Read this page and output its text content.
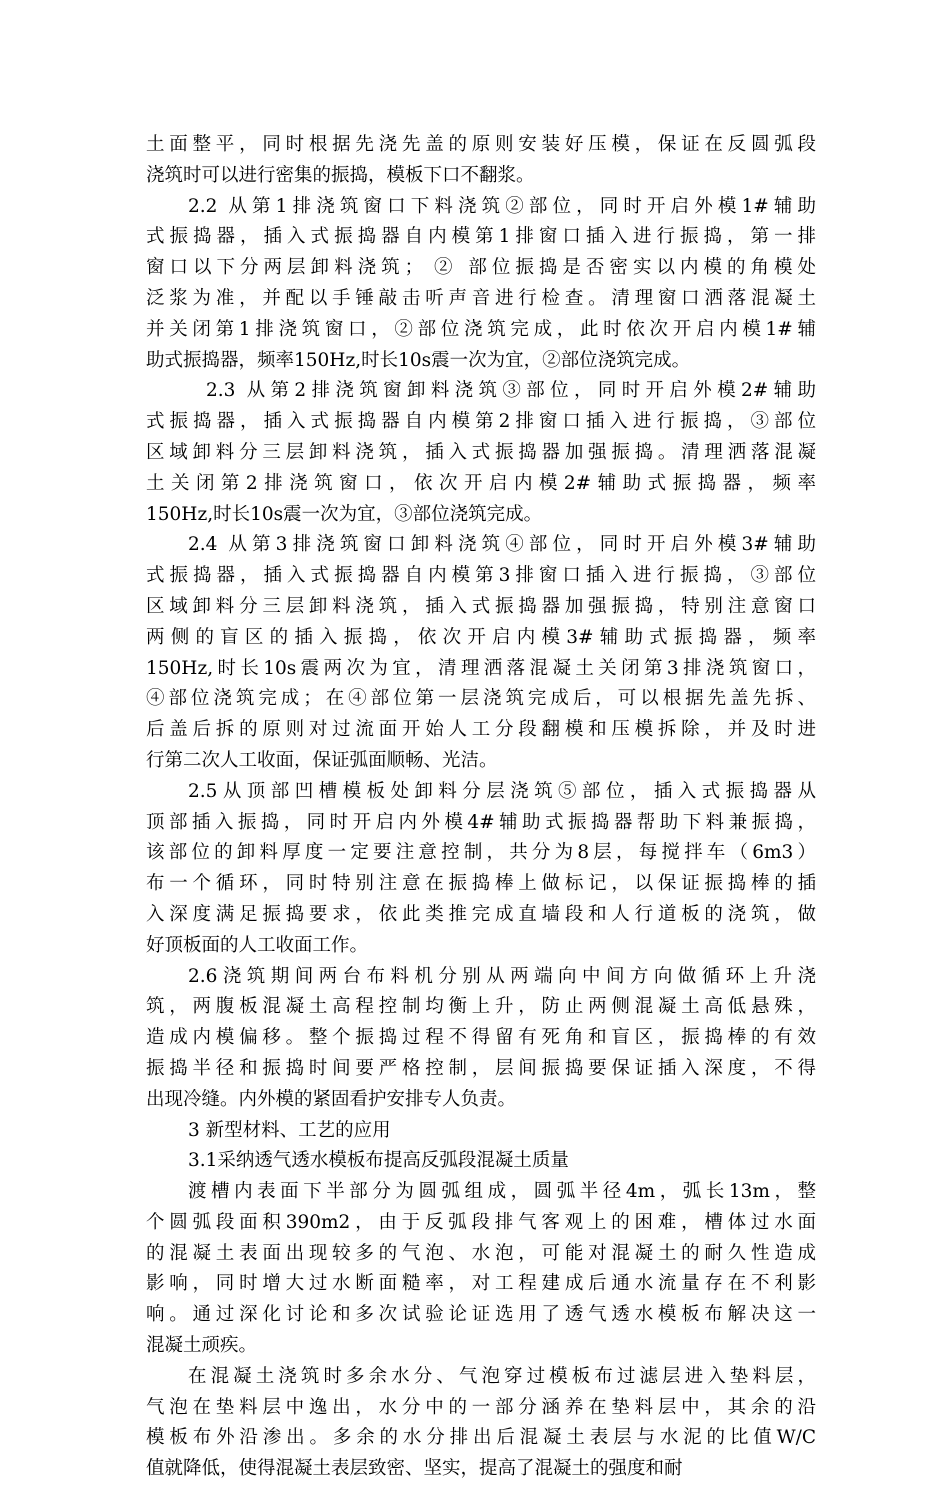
土面整平，同时根据先浇先盖的原则安装好压模，保证在反圆弧段
浇筑时可以进行密集的振捣，模板下口不翻浆。
2.2 从第1排浇筑窗口下料浇筑②部位，同时开启外模1#辅助
式振捣器，插入式振捣器自内模第1排窗口插入进行振捣，第一排
窗口以下分两层卸料浇筑； ② 部位振捣是否密实以内模的角模处
泛浆为准，并配以手锤敲击听声音进行检查。清理窗口洒落混凝土
并关闭第1排浇筑窗口，②部位浇筑完成，此时依次开启内模1#辅
助式振捣器，频率150Hz,时长10s震一次为宜，②部位浇筑完成。
2.3 从第2排浇筑窗卸料浇筑③部位，同时开启外模2#辅助
式振捣器，插入式振捣器自内模第2排窗口插入进行振捣，③部位
区域卸料分三层卸料浇筑，插入式振捣器加强振捣。清理洒落混凝
土关闭第2排浇筑窗口，依次开启内模2#辅助式振捣器，频率
150Hz,时长10s震一次为宜，③部位浇筑完成。
2.4 从第3排浇筑窗口卸料浇筑④部位，同时开启外模3#辅助
式振捣器，插入式振捣器自内模第3排窗口插入进行振捣，③部位
区域卸料分三层卸料浇筑，插入式振捣器加强振捣，特别注意窗口
两侧的盲区的插入振捣，依次开启内模3#辅助式振捣器，频率
150Hz,时长10s震两次为宜，清理洒落混凝土关闭第3排浇筑窗口，
④部位浇筑完成；在④部位第一层浇筑完成后，可以根据先盖先拆、
后盖后拆的原则对过流面开始人工分段翻模和压模拆除，并及时进
行第二次人工收面，保证弧面顺畅、光洁。
2.5从顶部凹槽模板处卸料分层浇筑⑤部位，插入式振捣器从
顶部插入振捣，同时开启内外模4#辅助式振捣器帮助下料兼振捣，
该部位的卸料厚度一定要注意控制，共分为8层，每搅拌车（6m3）
布一个循环，同时特别注意在振捣棒上做标记，以保证振捣棒的插
入深度满足振捣要求，依此类推完成直墙段和人行道板的浇筑，做
好顶板面的人工收面工作。
2.6浇筑期间两台布料机分别从两端向中间方向做循环上升浇
筑，两腹板混凝土高程控制均衡上升，防止两侧混凝土高低悬殊，
造成内模偏移。整个振捣过程不得留有死角和盲区，振捣棒的有效
振捣半径和振捣时间要严格控制，层间振捣要保证插入深度，不得
出现冷缝。内外模的紧固看护安排专人负责。
3 新型材料、工艺的应用
3.1采纳透气透水模板布提高反弧段混凝土质量
渡槽内表面下半部分为圆弧组成，圆弧半径4m，弧长13m，整
个圆弧段面积390m2，由于反弧段排气客观上的困难，槽体过水面
的混凝土表面出现较多的气泡、水泡，可能对混凝土的耐久性造成
影响，同时增大过水断面糙率，对工程建成后通水流量存在不利影
响。通过深化讨论和多次试验论证选用了透气透水模板布解决这一
混凝土顽疾。
在混凝土浇筑时多余水分、气泡穿过模板布过滤层进入垫料层，
气泡在垫料层中逸出，水分中的一部分涵养在垫料层中，其余的沿
模板布外沿渗出。多余的水分排出后混凝土表层与水泥的比值W/C
值就降低，使得混凝土表层致密、坚实，提高了混凝土的强度和耐
